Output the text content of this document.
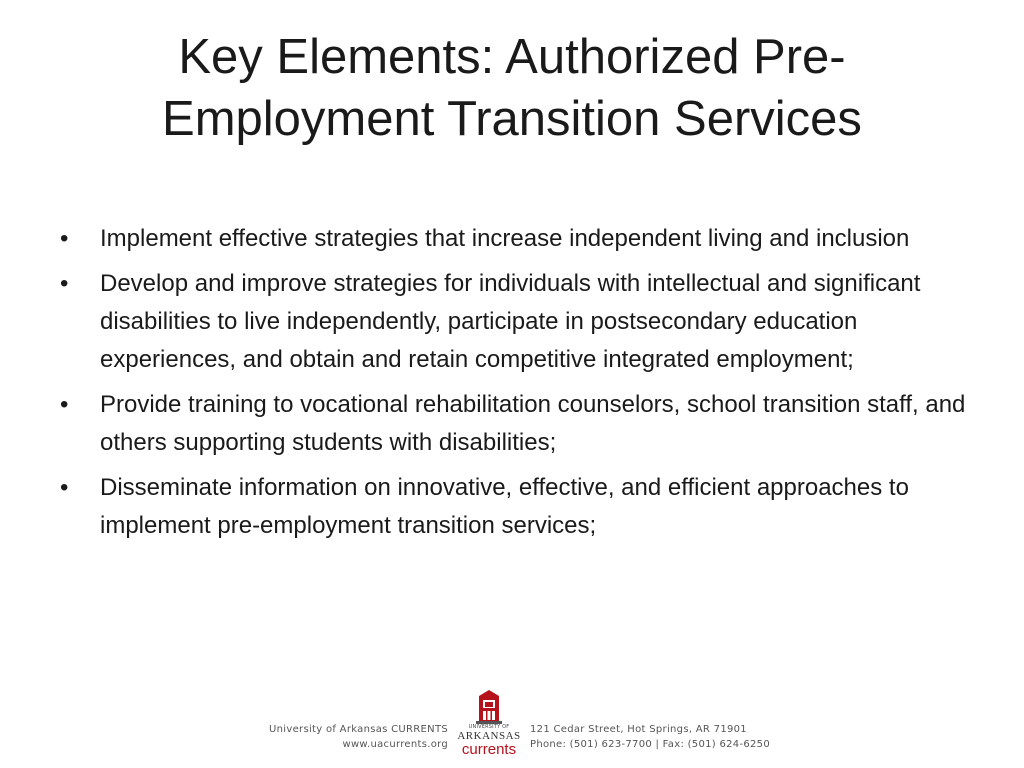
Key Elements: Authorized Pre-
Employment Transition Services
• Implement effective strategies that increase independent living and inclusion
• Develop and improve strategies for individuals with intellectual and significant disabilities to live independently, participate in postsecondary education experiences, and obtain and retain competitive integrated employment;
• Provide training to vocational rehabilitation counselors, school transition staff, and others supporting students with disabilities;
• Disseminate information on innovative, effective, and efficient approaches to implement pre-employment transition services;
University of Arkansas CURRENTS
www.uacurrents.org
UNIVERSITY OF
ARKANSAS
currents
121 Cedar Street, Hot Springs, AR 71901
Phone: (501) 623-7700 | Fax: (501) 624-6250
